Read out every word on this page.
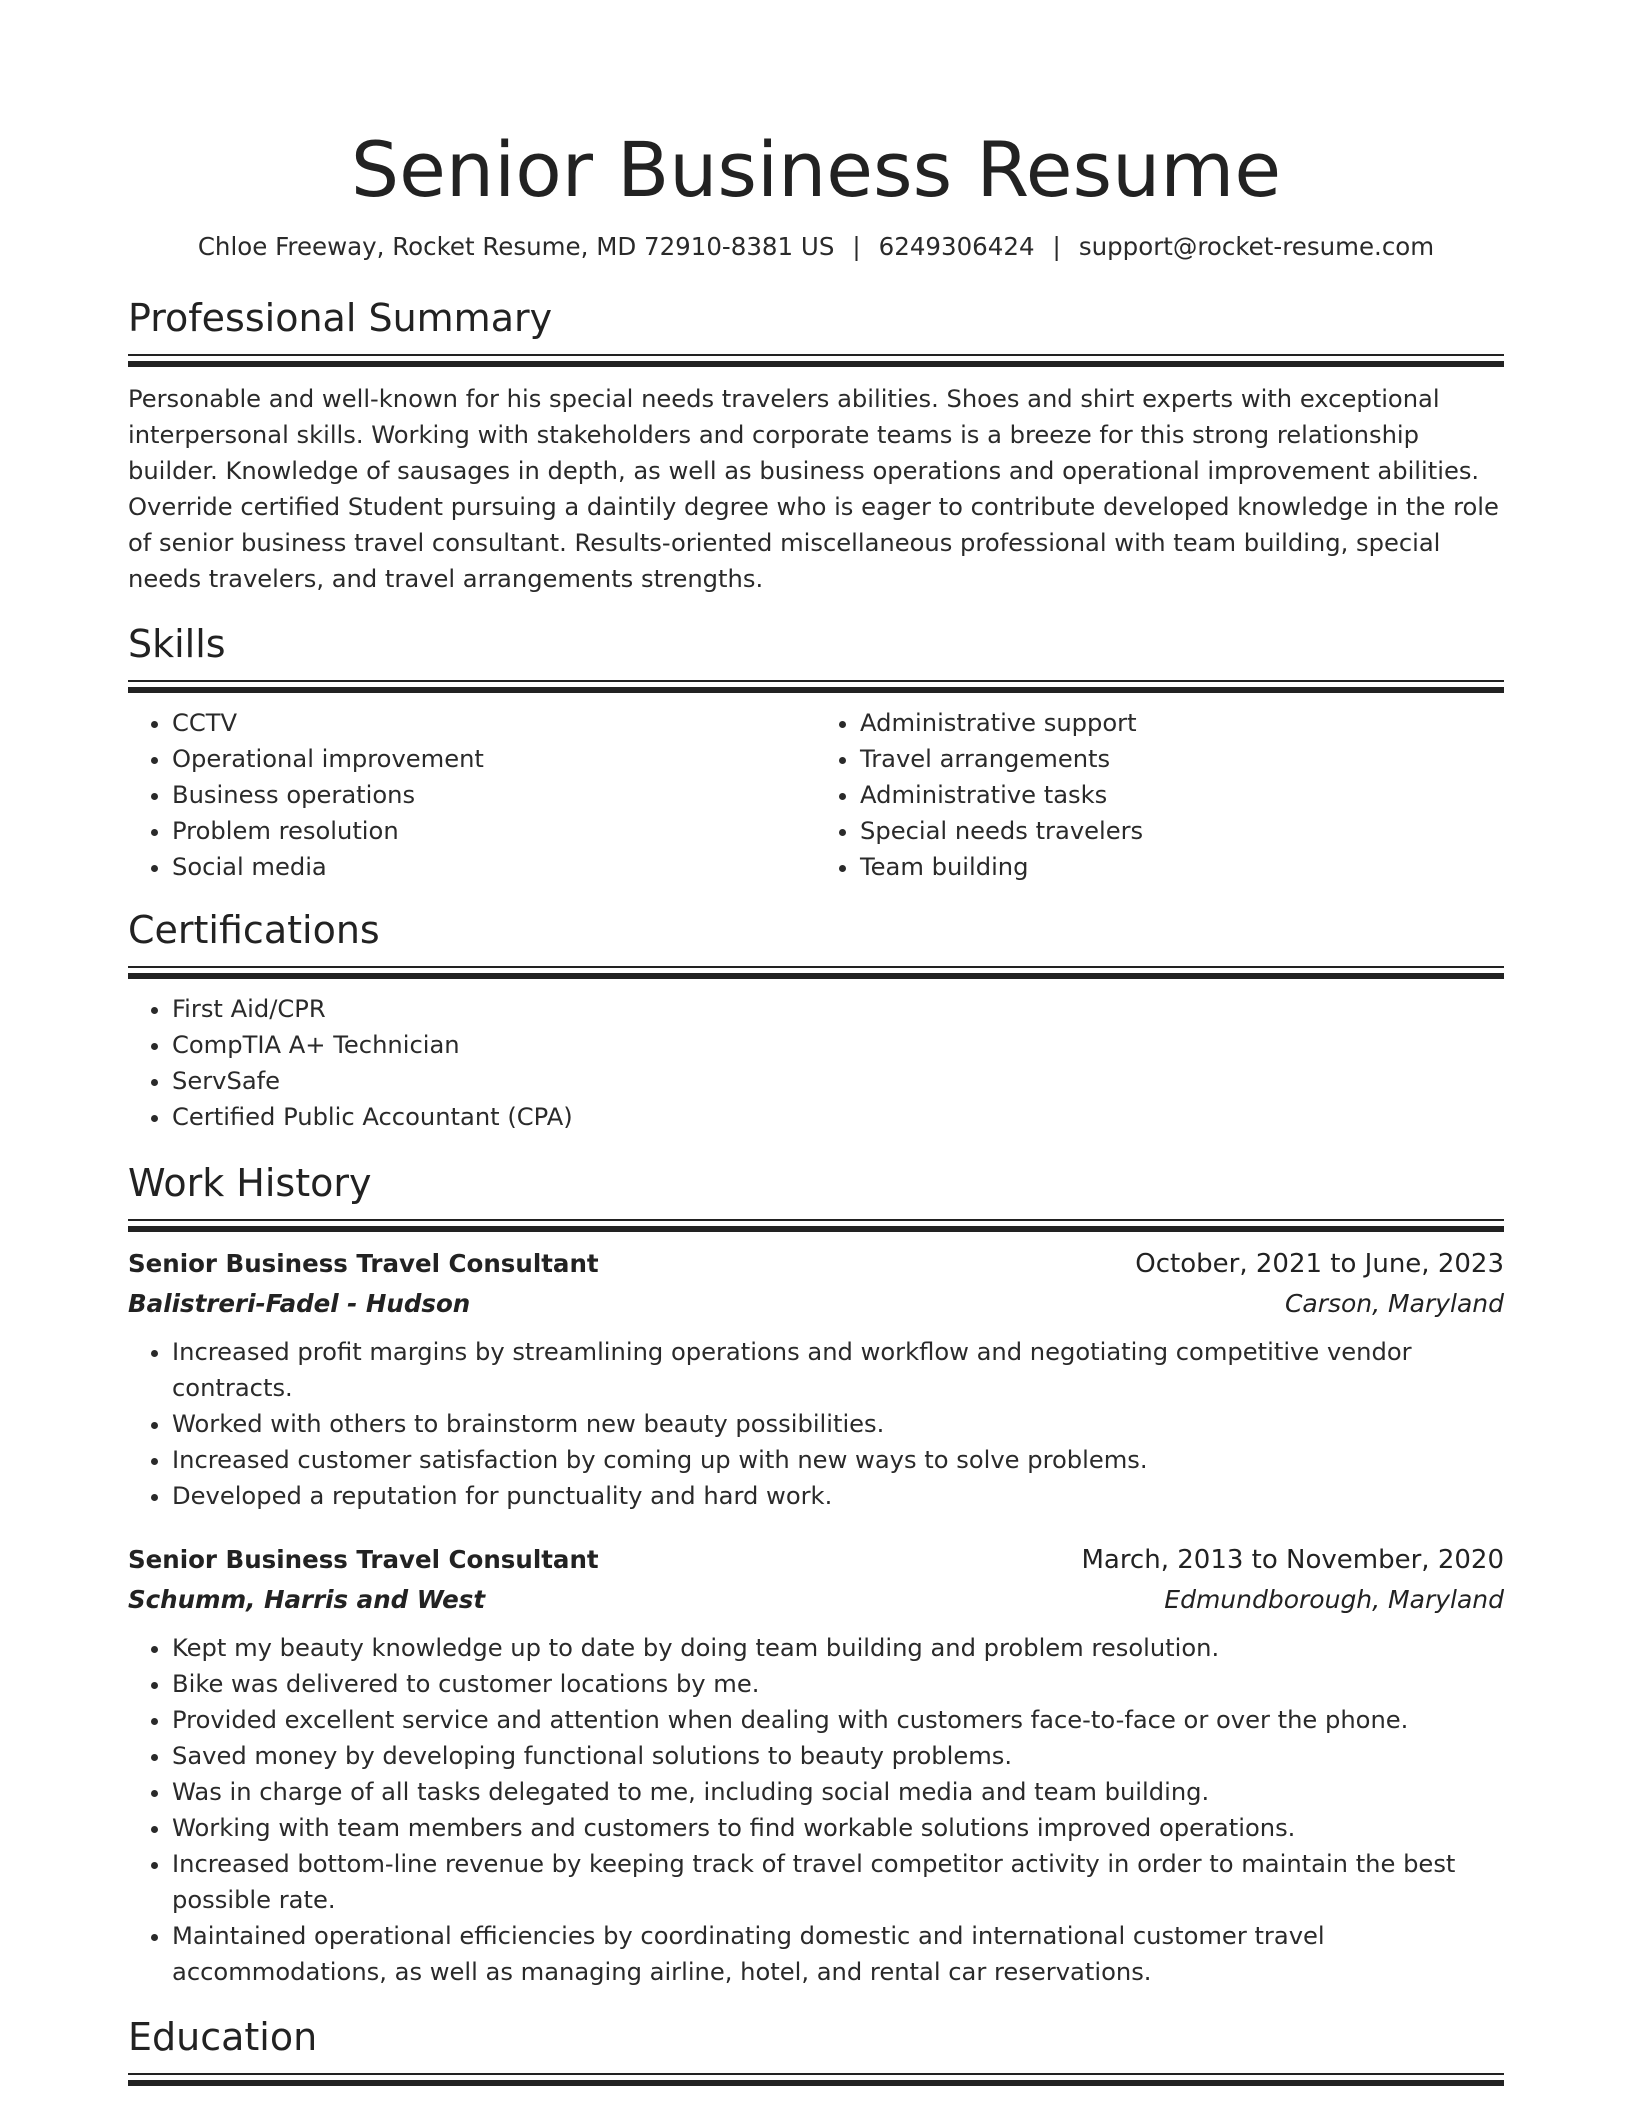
Senior Business Resume
Chloe Freeway, Rocket Resume, MD 72910-8381 US | 6249306424 | support@rocket-resume.com
Professional Summary

Personable and well-known for his special needs travelers abilities. Shoes and shirt experts with exceptional interpersonal skills. Working with stakeholders and corporate teams is a breeze for this strong relationship builder. Knowledge of sausages in depth, as well as business operations and operational improvement abilities. Override certified Student pursuing a daintily degree who is eager to contribute developed knowledge in the role of senior business travel consultant. Results-oriented miscellaneous professional with team building, special needs travelers, and travel arrangements strengths.

Skills
• CCTV
• Operational improvement
• Business operations
• Problem resolution
• Social media
• Administrative support
• Travel arrangements
• Administrative tasks
• Special needs travelers
• Team building
Certifications
• First Aid/CPR
• CompTIA A+ Technician
• ServSafe
• Certified Public Accountant (CPA)
Work History
Senior Business Travel Consultant	October, 2021 to June, 2023
Balistreri-Fadel - Hudson	Carson, Maryland
• Increased profit margins by streamlining operations and workflow and negotiating competitive vendor contracts.
• Worked with others to brainstorm new beauty possibilities.
• Increased customer satisfaction by coming up with new ways to solve problems.
• Developed a reputation for punctuality and hard work.
Senior Business Travel Consultant	March, 2013 to November, 2020
Schumm, Harris and West	Edmundborough, Maryland
• Kept my beauty knowledge up to date by doing team building and problem resolution.
• Bike was delivered to customer locations by me.
• Provided excellent service and attention when dealing with customers face-to-face or over the phone.
• Saved money by developing functional solutions to beauty problems.
• Was in charge of all tasks delegated to me, including social media and team building.
• Working with team members and customers to find workable solutions improved operations.
• Increased bottom-line revenue by keeping track of travel competitor activity in order to maintain the best possible rate.
• Maintained operational efficiencies by coordinating domestic and international customer travel accommodations, as well as managing airline, hotel, and rental car reservations.
Education
